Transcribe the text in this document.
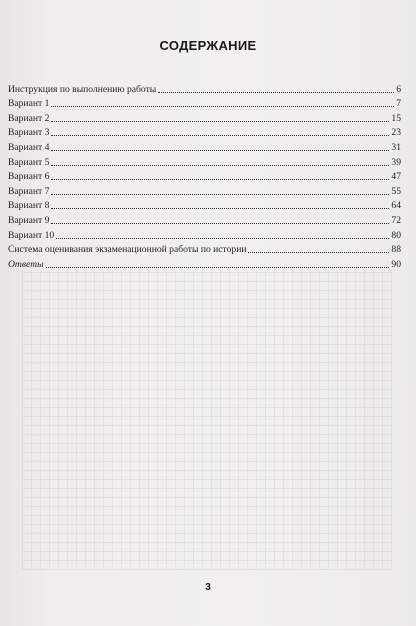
СОДЕРЖАНИЕ
Инструкция по выполнению работы	6
Вариант 1	7
Вариант 2	15
Вариант 3	23
Вариант 4	31
Вариант 5	39
Вариант 6	47
Вариант 7	55
Вариант 8	64
Вариант 9	72
Вариант 10	80
Система оценивания экзаменационной работы по истории	88
Ответы	90
3
